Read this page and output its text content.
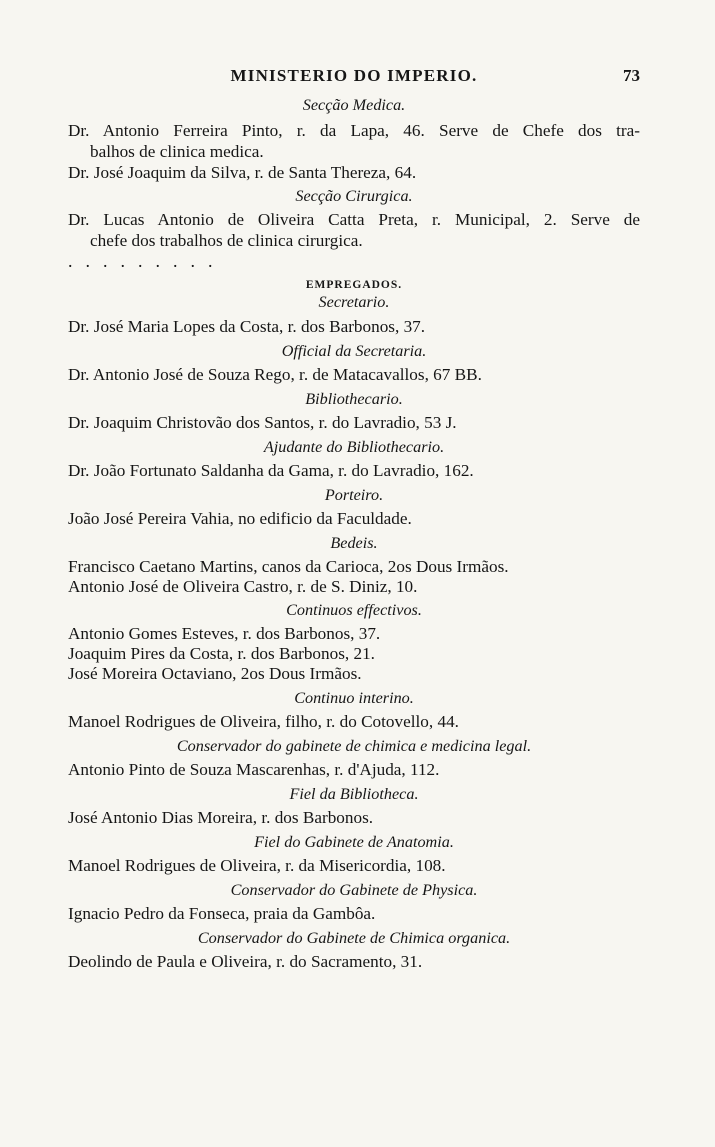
MINISTERIO DO IMPERIO.	73
Secção Medica.
Dr. Antonio Ferreira Pinto, r. da Lapa, 46. Serve de Chefe dos tra-
balhos de clinica medica.
Dr. José Joaquim da Silva, r. de Santa Thereza, 64.
Secção Cirurgica.
Dr. Lucas Antonio de Oliveira Catta Preta, r. Municipal, 2. Serve de
chefe dos trabalhos de clinica cirurgica.
.........
EMPREGADOS.
Secretario.
Dr. José Maria Lopes da Costa, r. dos Barbonos, 37.
Official da Secretaria.
Dr. Antonio José de Souza Rego, r. de Matacavallos, 67 BB.
Bibliothecario.
Dr. Joaquim Christovão dos Santos, r. do Lavradio, 53 J.
Ajudante do Bibliothecario.
Dr. João Fortunato Saldanha da Gama, r. do Lavradio, 162.
Porteiro.
João José Pereira Vahia, no edificio da Faculdade.
Bedeis.
Francisco Caetano Martins, canos da Carioca, 2os Dous Irmãos.
Antonio José de Oliveira Castro, r. de S. Diniz, 10.
Continuos effectivos.
Antonio Gomes Esteves, r. dos Barbonos, 37.
Joaquim Pires da Costa, r. dos Barbonos, 21.
José Moreira Octaviano, 2os Dous Irmãos.
Continuo interino.
Manoel Rodrigues de Oliveira, filho, r. do Cotovello, 44.
Conservador do gabinete de chimica e medicina legal.
Antonio Pinto de Souza Mascarenhas, r. d'Ajuda, 112.
Fiel da Bibliotheca.
José Antonio Dias Moreira, r. dos Barbonos.
Fiel do Gabinete de Anatomia.
Manoel Rodrigues de Oliveira, r. da Misericordia, 108.
Conservador do Gabinete de Physica.
Ignacio Pedro da Fonseca, praia da Gambôa.
Conservador do Gabinete de Chimica organica.
Deolindo de Paula e Oliveira, r. do Sacramento, 31.
